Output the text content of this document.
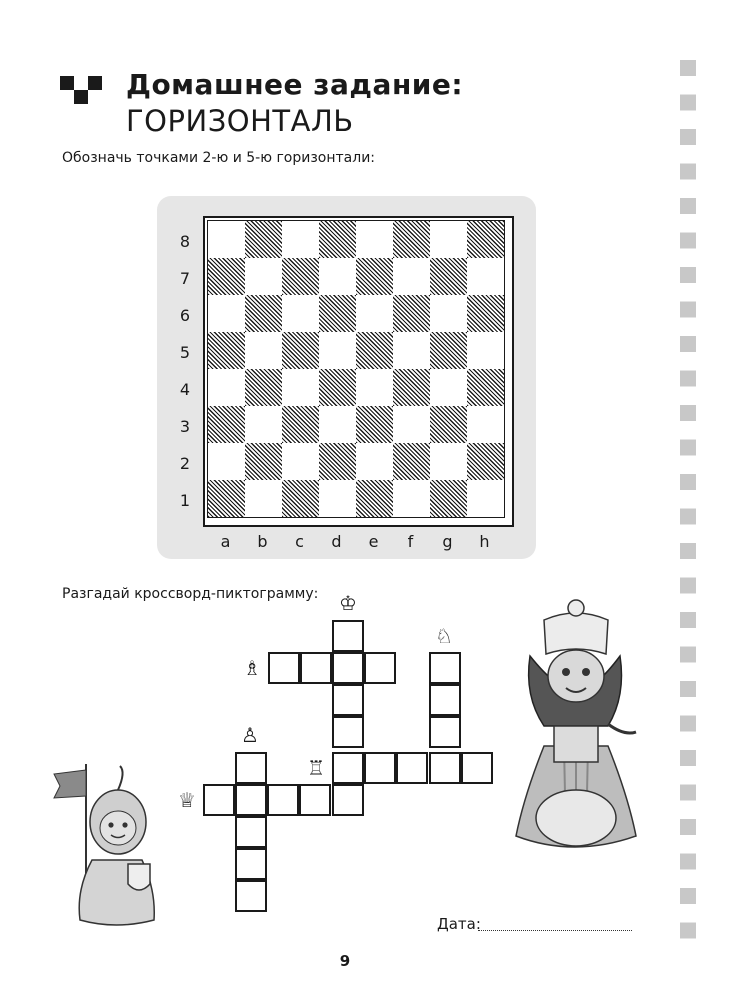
Домашнее задание:
ГОРИЗОНТАЛЬ
Обозначь точками 2-ю и 5-ю горизонтали:
8
7
6
5
4
3
2
1
a	b	c	d	e	f	g	h
Разгадай кроссворд-пиктограмму: ♔
♘
♗
♙
♖
♕
Дата:
9
